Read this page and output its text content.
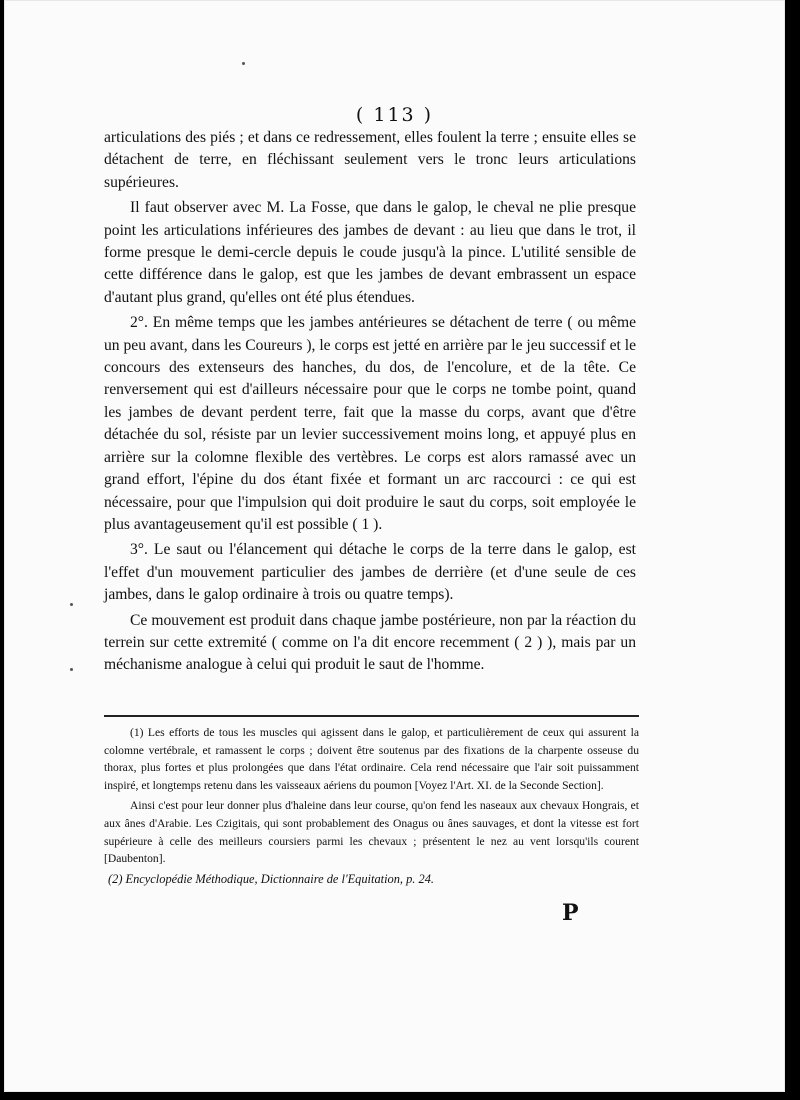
( 113 )

articulations des piés ; et dans ce redressement, elles foulent la terre ; ensuite elles se détachent de terre, en fléchissant seulement vers le tronc leurs articulations supérieures.

Il faut observer avec M. La Fosse, que dans le galop, le cheval ne plie presque point les articulations inférieures des jambes de devant : au lieu que dans le trot, il forme presque le demi-cercle depuis le coude jusqu'à la pince. L'utilité sensible de cette différence dans le galop, est que les jambes de devant embrassent un espace d'autant plus grand, qu'elles ont été plus étendues.

2°. En même temps que les jambes antérieures se détachent de terre ( ou même un peu avant, dans les Coureurs ), le corps est jetté en arrière par le jeu successif et le concours des extenseurs des hanches, du dos, de l'encolure, et de la tête. Ce renversement qui est d'ailleurs nécessaire pour que le corps ne tombe point, quand les jambes de devant perdent terre, fait que la masse du corps, avant que d'être détachée du sol, résiste par un levier successivement moins long, et appuyé plus en arrière sur la colomne flexible des vertèbres. Le corps est alors ramassé avec un grand effort, l'épine du dos étant fixée et formant un arc raccourci : ce qui est nécessaire, pour que l'impulsion qui doit produire le saut du corps, soit employée le plus avantageusement qu'il est possible ( 1 ).

3°. Le saut ou l'élancement qui détache le corps de la terre dans le galop, est l'effet d'un mouvement particulier des jambes de derrière (et d'une seule de ces jambes, dans le galop ordinaire à trois ou quatre temps).

Ce mouvement est produit dans chaque jambe postérieure, non par la réaction du terrein sur cette extremité ( comme on l'a dit encore recemment ( 2 ) ), mais par un méchanisme analogue à celui qui produit le saut de l'homme.

(1) Les efforts de tous les muscles qui agissent dans le galop, et particulièrement de ceux qui assurent la colomne vertébrale, et ramassent le corps ; doivent être soutenus par des fixations de la charpente osseuse du thorax, plus fortes et plus prolongées que dans l'état ordinaire. Cela rend nécessaire que l'air soit puissamment inspiré, et longtemps retenu dans les vaisseaux aériens du poumon [Voyez l'Art. XI. de la Seconde Section].

Ainsi c'est pour leur donner plus d'haleine dans leur course, qu'on fend les naseaux aux chevaux Hongrais, et aux ânes d'Arabie. Les Czigitais, qui sont probablement des Onagus ou ânes sauvages, et dont la vitesse est fort supérieure à celle des meilleurs coursiers parmi les chevaux ; présentent le nez au vent lorsqu'ils courent [Daubenton].

(2) Encyclopédie Méthodique, Dictionnaire de l'Equitation, p. 24.

P
